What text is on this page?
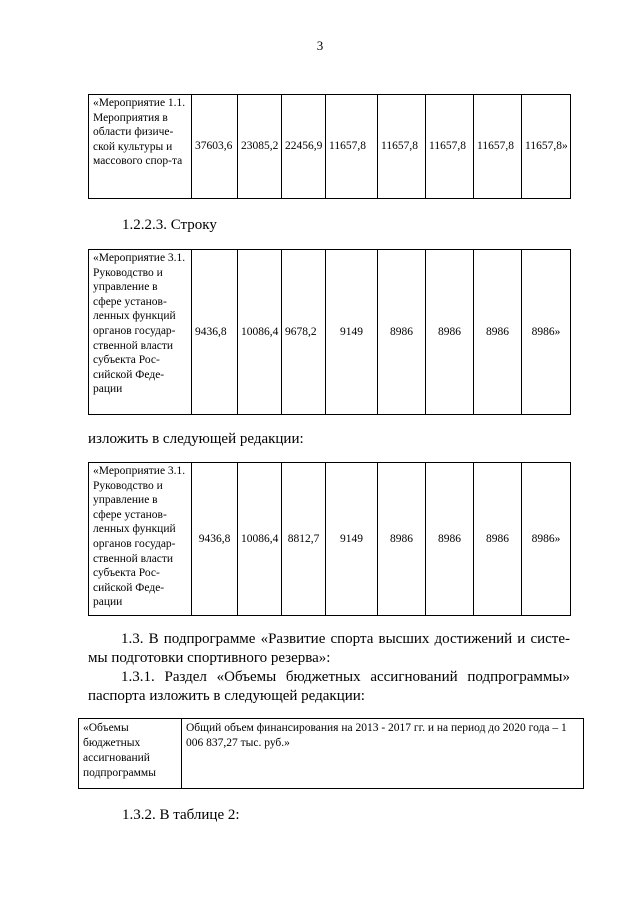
3
«Мероприятие 1.1. Мероприятия в области физиче-ской культуры и массового спор-та	37603,6	23085,2	22456,9	11657,8	11657,8	11657,8	11657,8	11657,8»
1.2.2.3. Строку
«Мероприятие 3.1. Руководство и управление в сфере установ-ленных функций органов государ-ственной власти субъекта Рос-сийской Феде-рации	9436,8	10086,4	9678,2	9149	8986	8986	8986	8986»
изложить в следующей редакции:
«Мероприятие 3.1. Руководство и управление в сфере установ-ленных функций органов государ-ственной власти субъекта Рос-сийской Феде-рации	9436,8	10086,4	8812,7	9149	8986	8986	8986	8986»
1.3. В подпрограмме «Развитие спорта высших достижений и систе-
мы подготовки спортивного резерва»:
1.3.1. Раздел «Объемы бюджетных ассигнований подпрограммы»
паспорта изложить в следующей редакции:
«Объемы бюджетных ассигнований подпрограммы	Общий объем финансирования на 2013 - 2017 гг. и на период до 2020 года – 1 006 837,27 тыс. руб.»
1.3.2. В таблице 2:
